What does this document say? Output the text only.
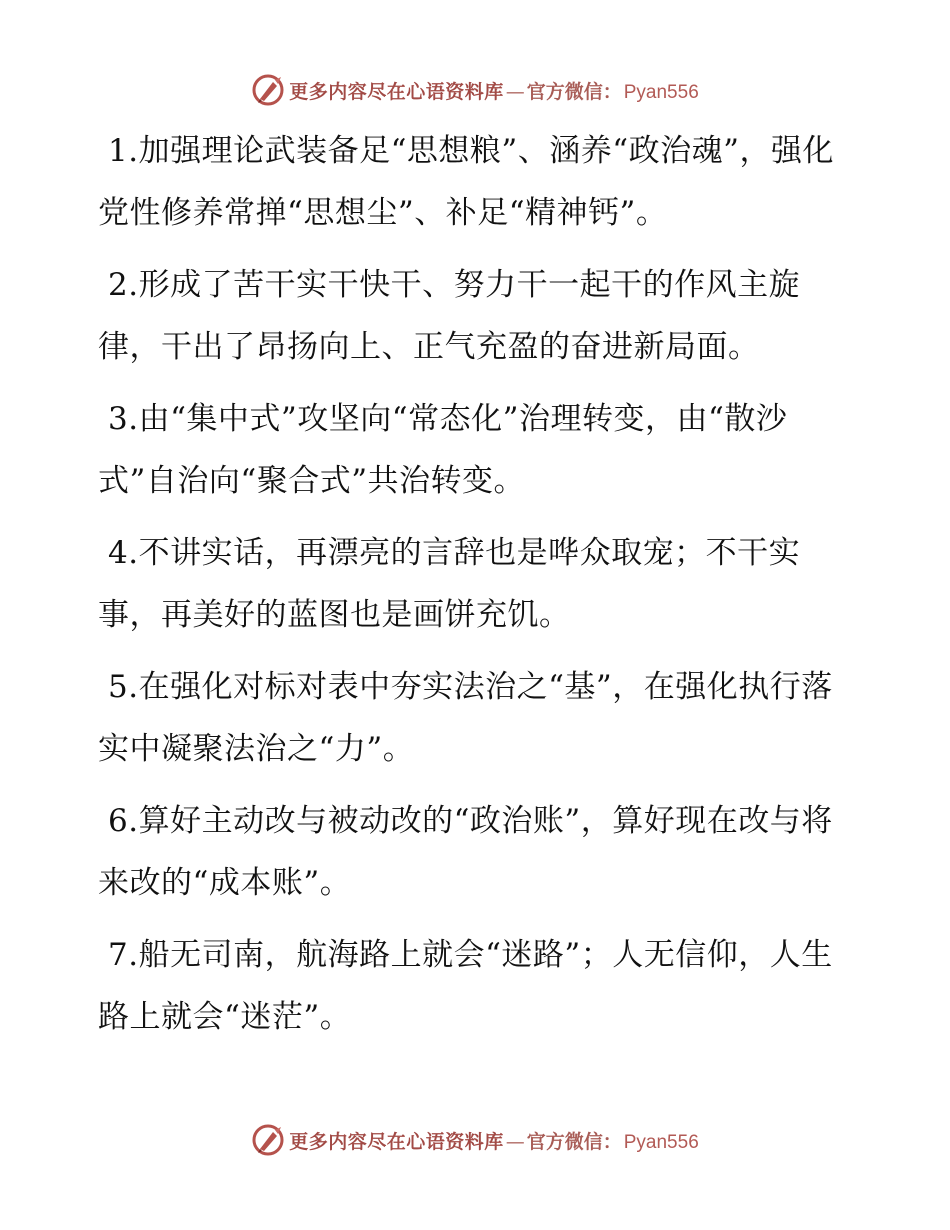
更多内容尽在心语资料库 — 官方微信： Pyan556

1.加强理论武装备足“思想粮”、涵养“政治魂”，强化党性修养常掸“思想尘”、补足“精神钙”。

2.形成了苦干实干快干、努力干一起干的作风主旋律，干出了昂扬向上、正气充盈的奋进新局面。

3.由“集中式”攻坚向“常态化”治理转变，由“散沙式”自治向“聚合式”共治转变。

4.不讲实话，再漂亮的言辞也是哗众取宠；不干实事，再美好的蓝图也是画饼充饥。

5.在强化对标对表中夯实法治之“基”，在强化执行落实中凝聚法治之“力”。

6.算好主动改与被动改的“政治账”，算好现在改与将来改的“成本账”。

7.船无司南，航海路上就会“迷路”；人无信仰，人生路上就会“迷茫”。

更多内容尽在心语资料库 — 官方微信： Pyan556
